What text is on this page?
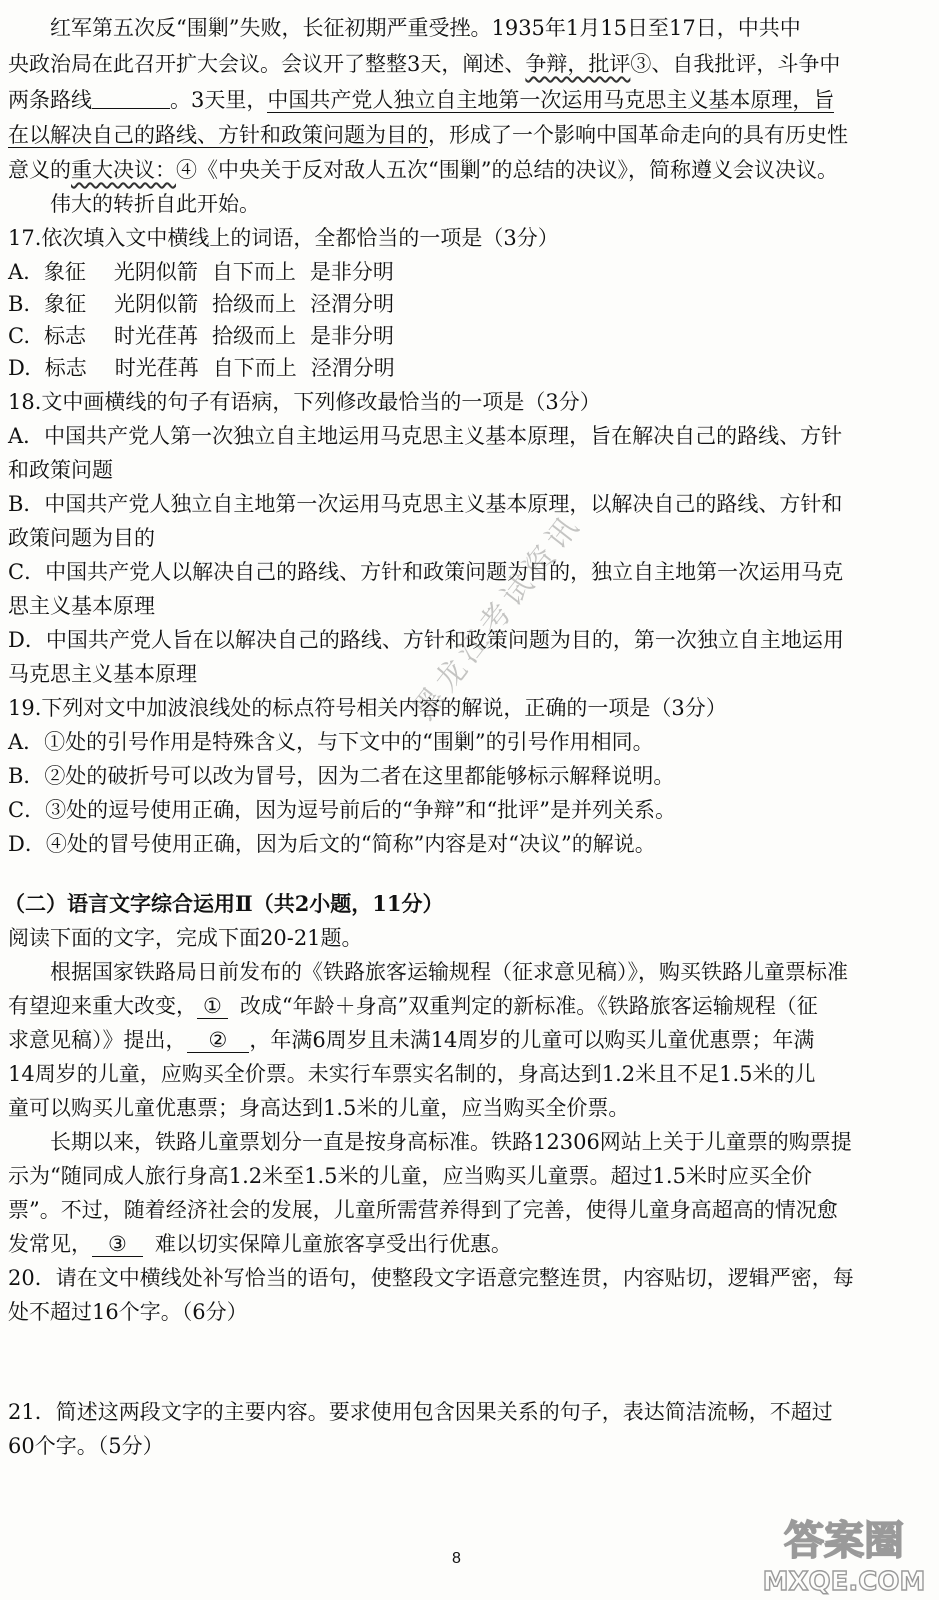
红军第五次反“围剿”失败，长征初期严重受挫。1935年1月15日至17日，中共中
央政治局在此召开扩大会议。会议开了整整3天，阐述、争辩，批评③、自我批评，斗争中
两条路线	。3天里，中国共产党人独立自主地第一次运用马克思主义基本原理，旨
在以解决自己的路线、方针和政策问题为目的，形成了一个影响中国革命走向的具有历史性
意义的重大决议：④《中央关于反对敌人五次“围剿”的总结的决议》，简称遵义会议决议。
伟大的转折自此开始。
17.依次填入文中横线上的词语，全都恰当的一项是（3分）
A. 象征 光阴似箭 自下而上 是非分明
B. 象征 光阴似箭 拾级而上 泾渭分明
C. 标志 时光荏苒 拾级而上 是非分明
D. 标志 时光荏苒 自下而上 泾渭分明
18.文中画横线的句子有语病，下列修改最恰当的一项是（3分）
A．中国共产党人第一次独立自主地运用马克思主义基本原理，旨在解决自己的路线、方针
和政策问题
B．中国共产党人独立自主地第一次运用马克思主义基本原理，以解决自己的路线、方针和
政策问题为目的
C．中国共产党人以解决自己的路线、方针和政策问题为目的，独立自主地第一次运用马克
思主义基本原理
D．中国共产党人旨在以解决自己的路线、方针和政策问题为目的，第一次独立自主地运用
马克思主义基本原理
19.下列对文中加波浪线处的标点符号相关内容的解说，正确的一项是（3分）
A．①处的引号作用是特殊含义，与下文中的“围剿”的引号作用相同。
B．②处的破折号可以改为冒号，因为二者在这里都能够标示解释说明。
C．③处的逗号使用正确，因为逗号前后的“争辩”和“批评”是并列关系。
D．④处的冒号使用正确，因为后文的“简称”内容是对“决议”的解说。
（二）语言文字综合运用Ⅱ（共2小题，11分）
阅读下面的文字，完成下面20-21题。
根据国家铁路局日前发布的《铁路旅客运输规程（征求意见稿）》，购买铁路儿童票标准
有望迎来重大改变， ① 改成“年龄＋身高”双重判定的新标准。《铁路旅客运输规程（征
求意见稿）》提出， ② ，年满6周岁且未满14周岁的儿童可以购买儿童优惠票；年满
14周岁的儿童，应购买全价票。未实行车票实名制的，身高达到1.2米且不足1.5米的儿
童可以购买儿童优惠票；身高达到1.5米的儿童，应当购买全价票。
长期以来，铁路儿童票划分一直是按身高标准。铁路12306网站上关于儿童票的购票提
示为“随同成人旅行身高1.2米至1.5米的儿童，应当购买儿童票。超过1.5米时应买全价
票”。不过，随着经济社会的发展，儿童所需营养得到了完善，使得儿童身高超高的情况愈
发常见， ③ 难以切实保障儿童旅客享受出行优惠。
20．请在文中横线处补写恰当的语句，使整段文字语意完整连贯，内容贴切，逻辑严密，每
处不超过16个字。（6分）
21．简述这两段文字的主要内容。要求使用包含因果关系的句子，表达简洁流畅，不超过
60个字。（5分）
黑龙江考试资讯
8	答案圈
MXQE.COM
